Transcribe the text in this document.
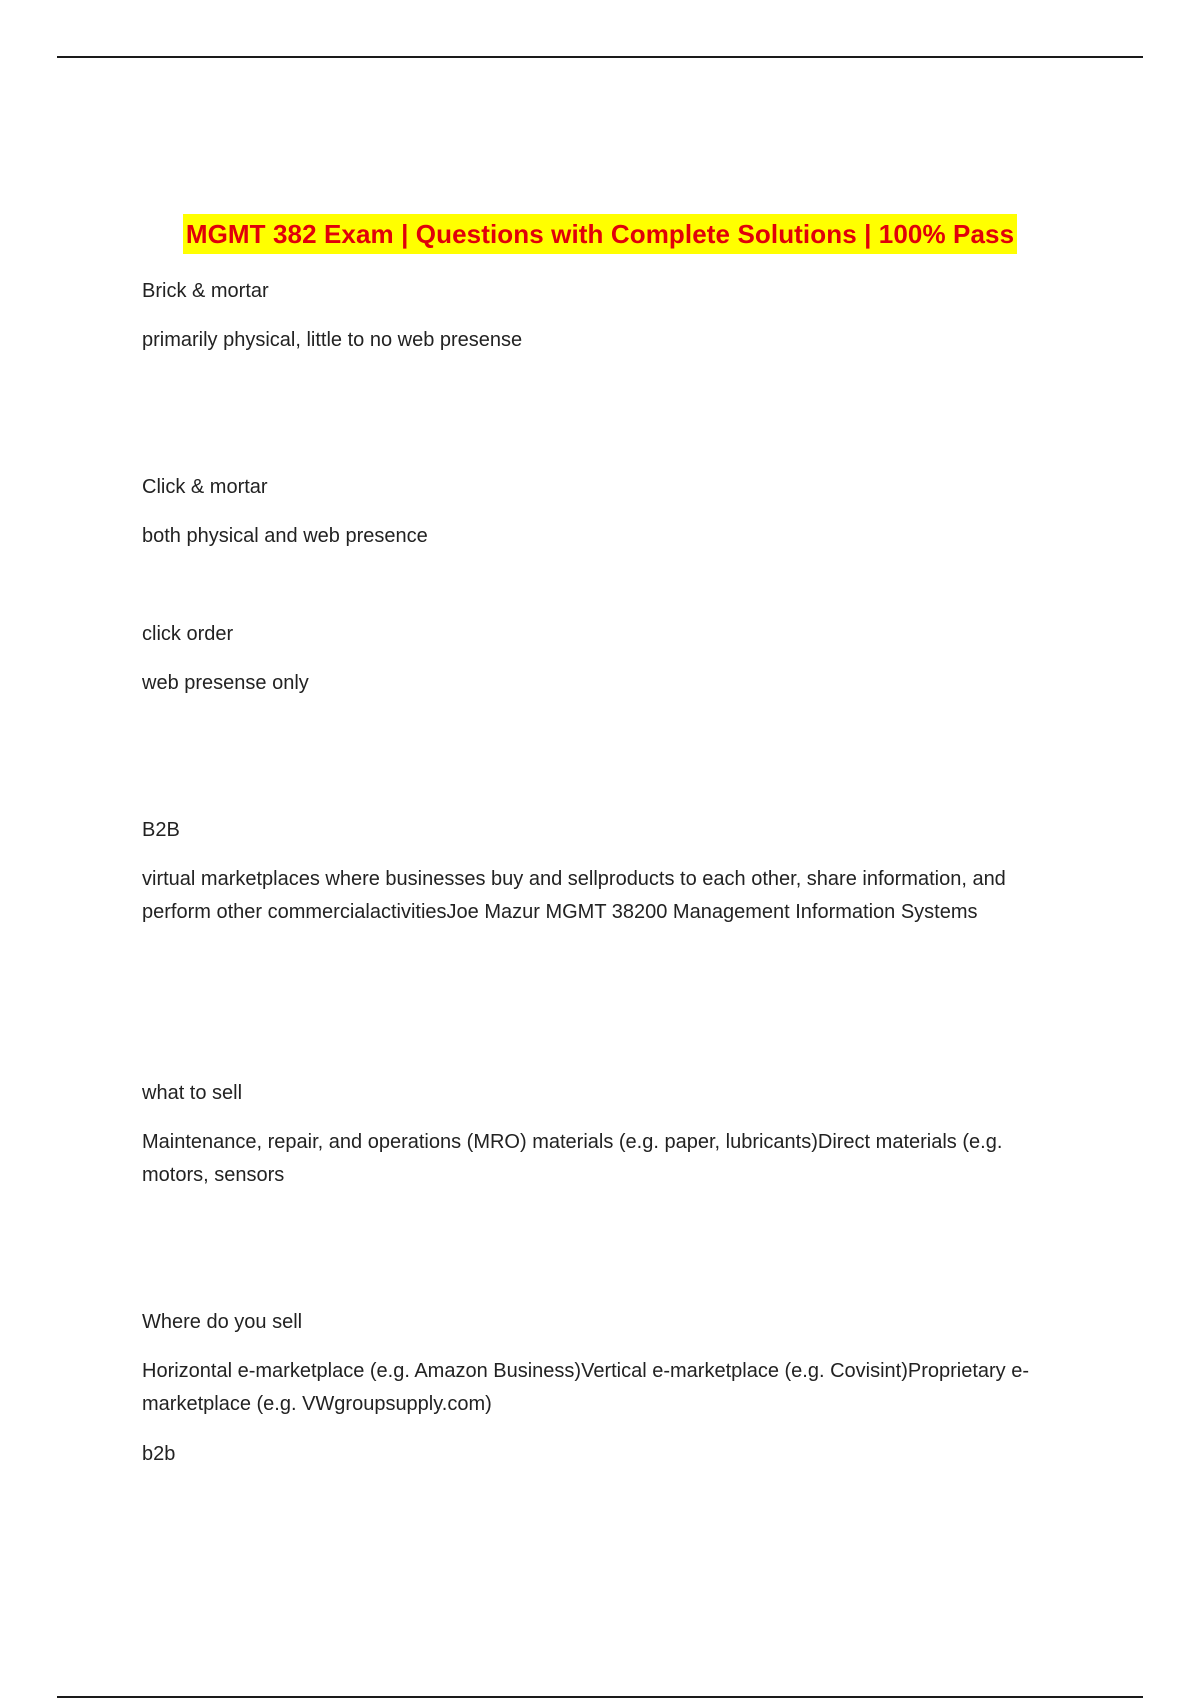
MGMT 382 Exam | Questions with Complete Solutions | 100% Pass

Brick & mortar

primarily physical, little to no web presense

Click & mortar

both physical and web presence

click order

web presense only

B2B

virtual marketplaces where businesses buy and sellproducts to each other, share information, and perform other commercialactivitiesJoe Mazur MGMT 38200 Management Information Systems

what to sell

Maintenance, repair, and operations (MRO) materials (e.g. paper, lubricants)Direct materials (e.g. motors, sensors

Where do you sell

Horizontal e-marketplace (e.g. Amazon Business)Vertical e-marketplace (e.g. Covisint)Proprietary e-marketplace (e.g. VWgroupsupply.com)

b2b
